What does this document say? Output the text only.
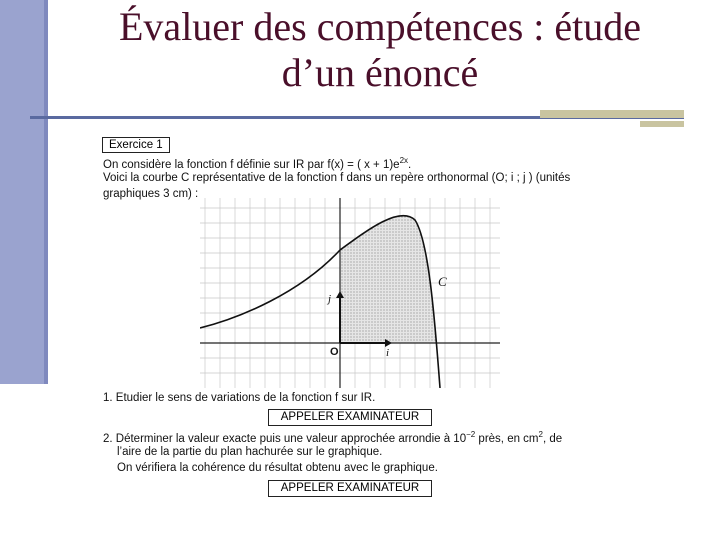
Évaluer des compétences : étude
d’un énoncé
Exercice 1
On considère la fonction f définie sur IR par f(x) = ( $x + 1)e^{2x}$.
Voici la courbe C représentative de la fonction f dans un repère orthonormal (O; i ; j ) (unités
graphiques 3 cm) :
C
O	i
j
1. Etudier le sens de variations de la fonction f sur IR.
APPELER EXAMINATEUR
2. Déterminer la valeur exacte puis une valeur approchée arrondie à $10^{-2}$ près, en $cm^2$, de
l’aire de la partie du plan hachurée sur le graphique.
On vérifiera la cohérence du résultat obtenu avec le graphique.
APPELER EXAMINATEUR
